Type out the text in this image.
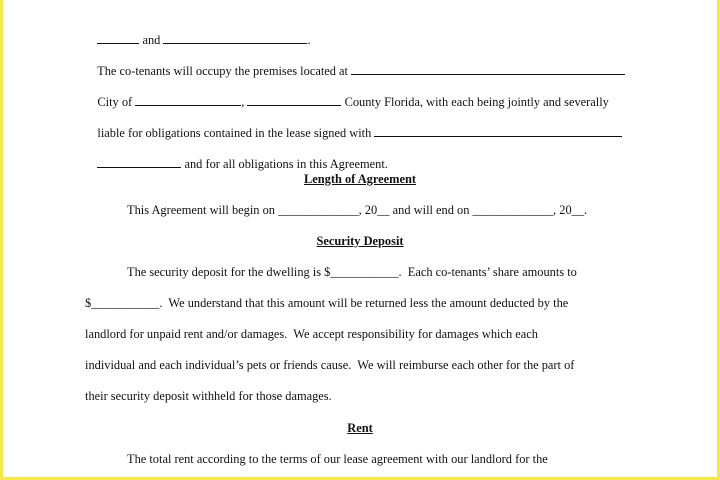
and	.

The co-tenants will occupy the premises located at

City of	,	County Florida, with each being jointly and severally

liable for obligations contained in the lease signed with

and for all obligations in this Agreement.

Length of Agreement
This Agreement will begin on _____________, 20__ and will end on _____________, 20__.
Security Deposit
The security deposit for the dwelling is $___________.  Each co-tenants’ share amounts to
$___________.  We understand that this amount will be returned less the amount deducted by the
landlord for unpaid rent and/or damages.  We accept responsibility for damages which each
individual and each individual’s pets or friends cause.  We will reimburse each other for the part of
their security deposit withheld for those damages.
Rent
The total rent according to the terms of our lease agreement with our landlord for the
